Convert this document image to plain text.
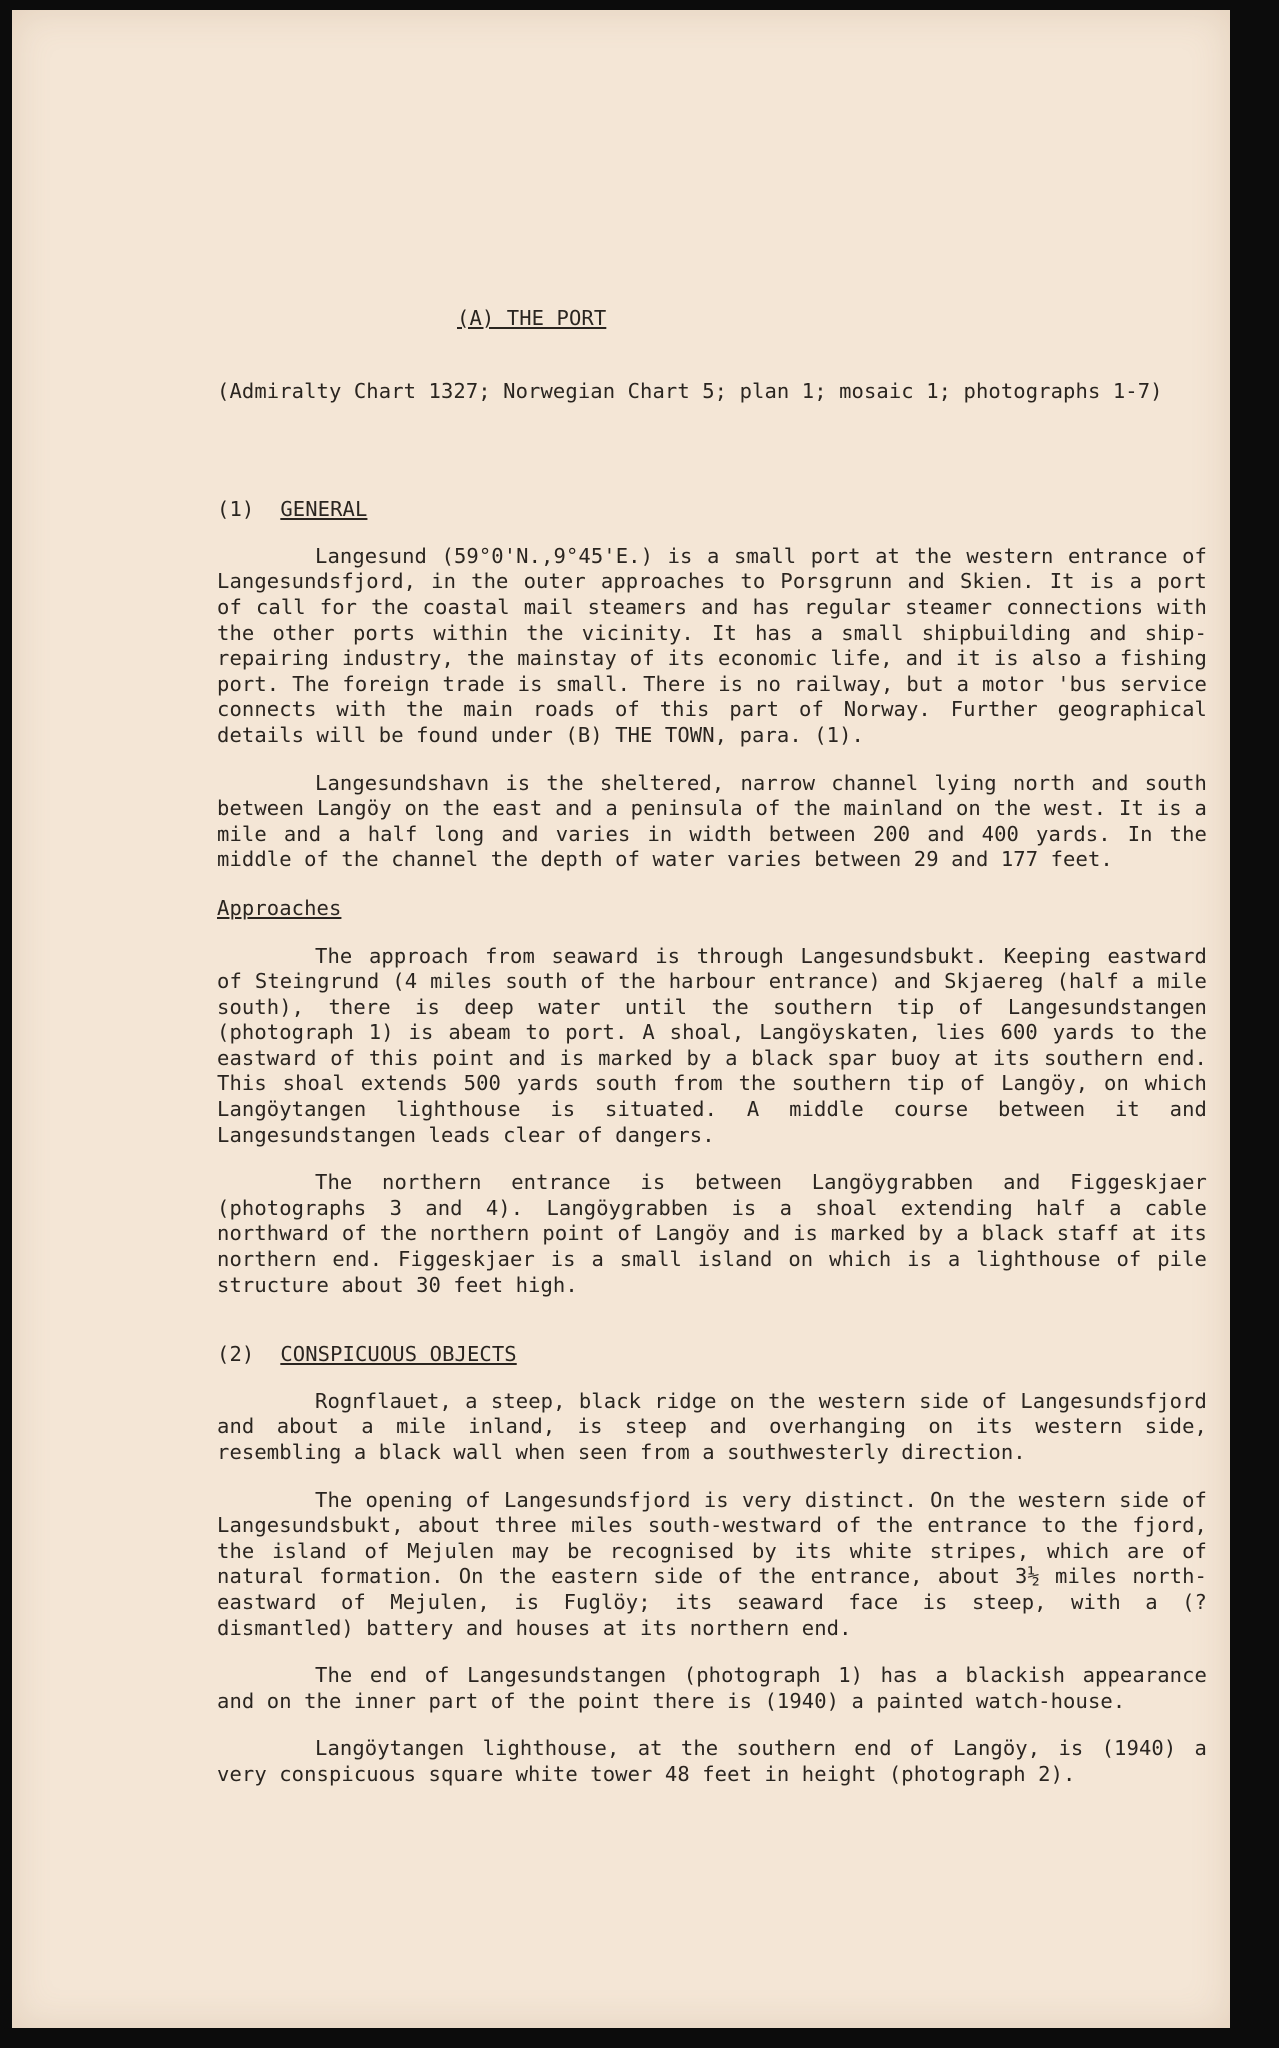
(A) THE PORT
(Admiralty Chart 1327; Norwegian Chart 5; plan 1; mosaic 1; photographs 1-7)
(1) GENERAL

Langesund (59°0'N.,9°45'E.) is a small port at the western entrance of Langesundsfjord, in the outer approaches to Porsgrunn and Skien. It is a port of call for the coastal mail steamers and has regular steamer connections with the other ports within the vicinity. It has a small shipbuilding and ship-repairing industry, the mainstay of its economic life, and it is also a fishing port. The foreign trade is small. There is no railway, but a motor 'bus service connects with the main roads of this part of Norway. Further geographical details will be found under (B) THE TOWN, para. (1).

Langesundshavn is the sheltered, narrow channel lying north and south between Langöy on the east and a peninsula of the mainland on the west. It is a mile and a half long and varies in width between 200 and 400 yards. In the middle of the channel the depth of water varies between 29 and 177 feet.

Approaches

The approach from seaward is through Langesundsbukt. Keeping eastward of Steingrund (4 miles south of the harbour entrance) and Skjaereg (half a mile south), there is deep water until the southern tip of Langesundstangen (photograph 1) is abeam to port. A shoal, Langöyskaten, lies 600 yards to the eastward of this point and is marked by a black spar buoy at its southern end. This shoal extends 500 yards south from the southern tip of Langöy, on which Langöytangen lighthouse is situated. A middle course between it and Langesundstangen leads clear of dangers.

The northern entrance is between Langöygrabben and Figgeskjaer (photographs 3 and 4). Langöygrabben is a shoal extending half a cable northward of the northern point of Langöy and is marked by a black staff at its northern end. Figgeskjaer is a small island on which is a lighthouse of pile structure about 30 feet high.

(2) CONSPICUOUS OBJECTS

Rognflauet, a steep, black ridge on the western side of Langesundsfjord and about a mile inland, is steep and overhanging on its western side, resembling a black wall when seen from a southwesterly direction.

The opening of Langesundsfjord is very distinct. On the western side of Langesundsbukt, about three miles south-westward of the entrance to the fjord, the island of Mejulen may be recognised by its white stripes, which are of natural formation. On the eastern side of the entrance, about 3½ miles north-eastward of Mejulen, is Fuglöy; its seaward face is steep, with a (? dismantled) battery and houses at its northern end.

The end of Langesundstangen (photograph 1) has a blackish appearance and on the inner part of the point there is (1940) a painted watch-house.

Langöytangen lighthouse, at the southern end of Langöy, is (1940) a very conspicuous square white tower 48 feet in height (photograph 2).
